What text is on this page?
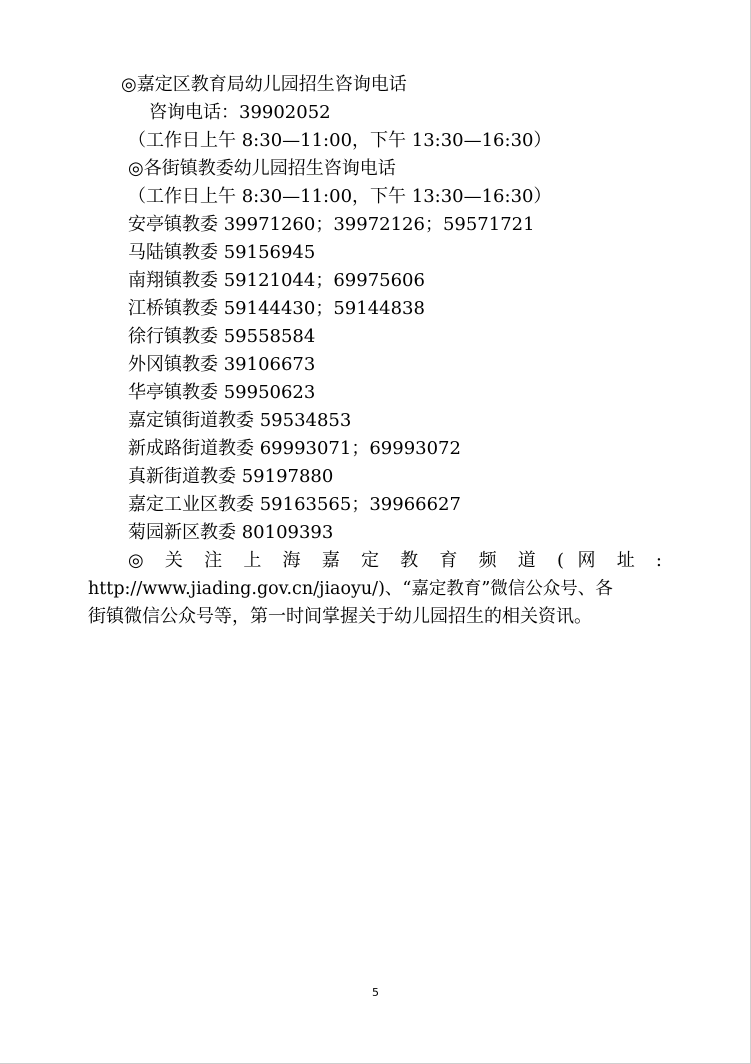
◎嘉定区教育局幼儿园招生咨询电话
咨询电话：39902052
（工作日上午 8:30—11:00，下午 13:30—16:30）
◎各街镇教委幼儿园招生咨询电话
（工作日上午 8:30—11:00，下午 13:30—16:30）
安亭镇教委 39971260；39972126；59571721
马陆镇教委 59156945
南翔镇教委 59121044；69975606
江桥镇教委 59144430；59144838
徐行镇教委 59558584
外冈镇教委 39106673
华亭镇教委 59950623
嘉定镇街道教委 59534853
新成路街道教委 69993071；69993072
真新街道教委 59197880
嘉定工业区教委 59163565；39966627
菊园新区教委 80109393
◎ 关 注 上 海 嘉 定 教 育 频 道 ( 网 址 :
http://www.jiading.gov.cn/jiaoyu/)、“嘉定教育”微信公众号、各
街镇微信公众号等，第一时间掌握关于幼儿园招生的相关资讯。
5
